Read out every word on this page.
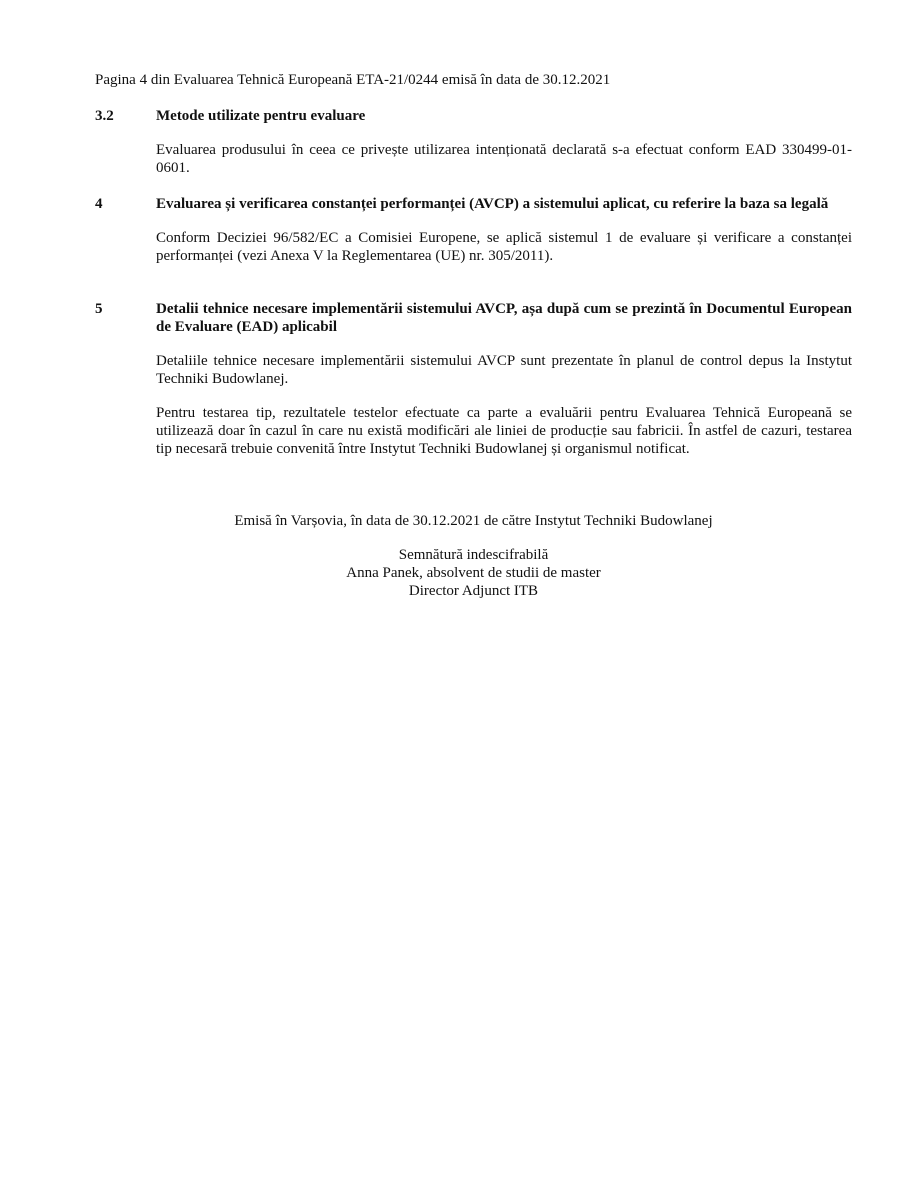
Pagina 4 din Evaluarea Tehnică Europeană ETA-21/0244 emisă în data de 30.12.2021
3.2	Metode utilizate pentru evaluare
Evaluarea produsului în ceea ce privește utilizarea intenționată declarată s-a efectuat conform EAD 330499-01-0601.
4	Evaluarea și verificarea constanței performanței (AVCP) a sistemului aplicat, cu referire la baza sa legală
Conform Deciziei 96/582/EC a Comisiei Europene, se aplică sistemul 1 de evaluare și verificare a constanței performanței (vezi Anexa V la Reglementarea (UE) nr. 305/2011).
5	Detalii tehnice necesare implementării sistemului AVCP, așa după cum se prezintă în Documentul European de Evaluare (EAD) aplicabil
Detaliile tehnice necesare implementării sistemului AVCP sunt prezentate în planul de control depus la Instytut Techniki Budowlanej.
Pentru testarea tip, rezultatele testelor efectuate ca parte a evaluării pentru Evaluarea Tehnică Europeană se utilizează doar în cazul în care nu există modificări ale liniei de producție sau fabricii. În astfel de cazuri, testarea tip necesară trebuie convenită între Instytut Techniki Budowlanej și organismul notificat.
Emisă în Varșovia, în data de 30.12.2021 de către Instytut Techniki Budowlanej
Semnătură indescifrabilă
Anna Panek, absolvent de studii de master
Director Adjunct ITB
